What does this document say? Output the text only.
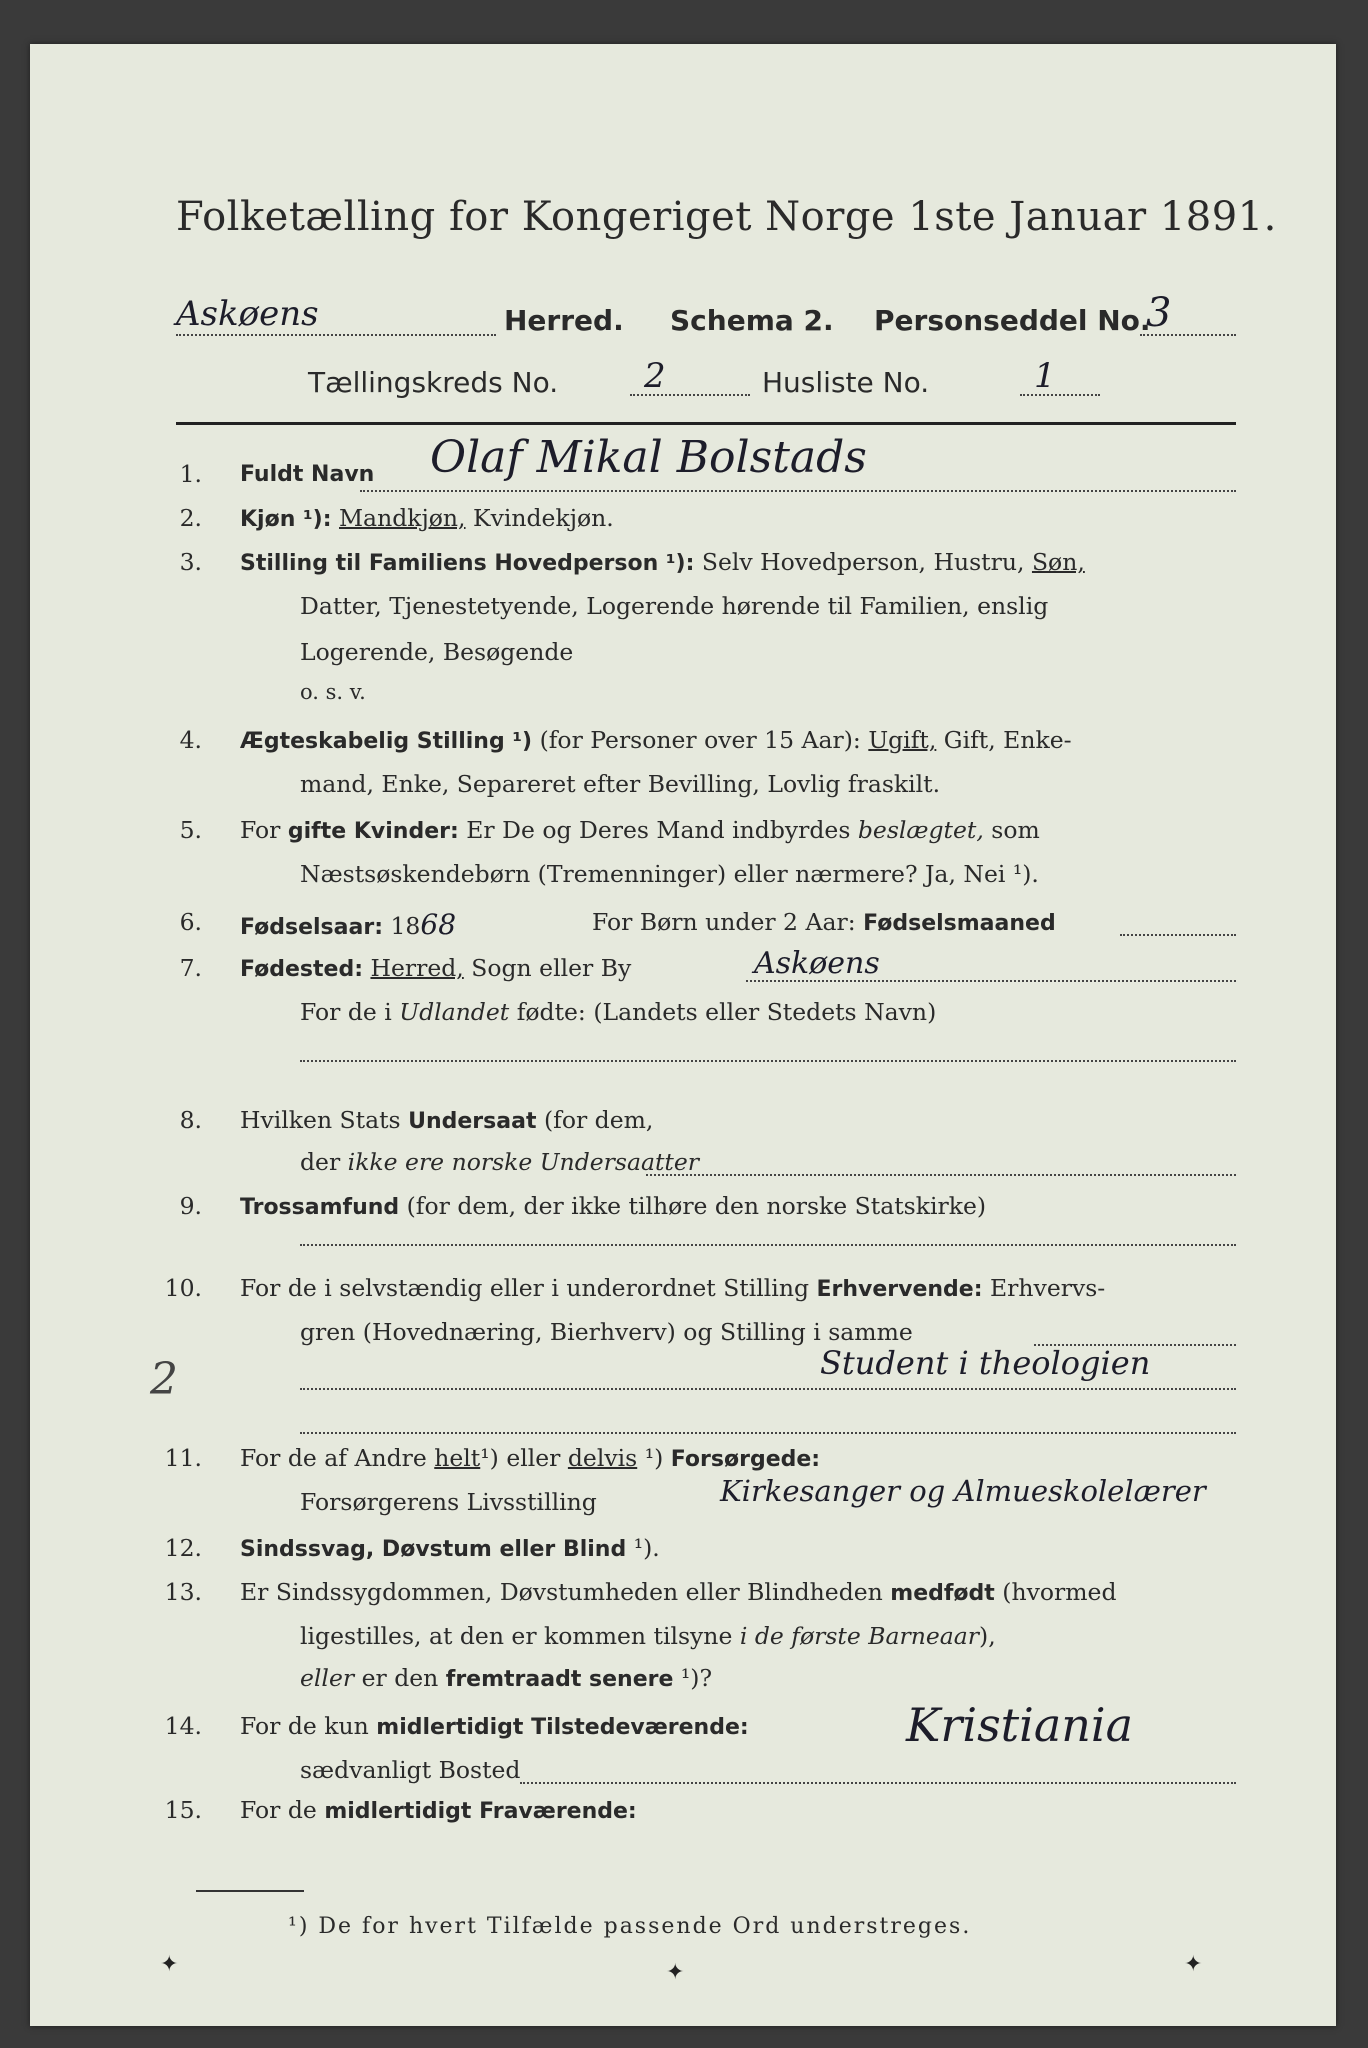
Folketælling for Kongeriget Norge 1ste Januar 1891.
Askøens	Herred. Schema 2. Personseddel No.
3
Tællingskreds No.	2	Husliste No.	1
1. Fuldt Navn Olaf Mikal Bolstads
2. Kjøn ¹): Mandkjøn, Kvindekjøn.
3. Stilling til Familiens Hovedperson ¹): Selv Hovedperson, Hustru, Søn,
Datter, Tjenestetyende, Logerende hørende til Familien, enslig
Logerende, Besøgende
o. s. v.
4. Ægteskabelig Stilling ¹) (for Personer over 15 Aar): Ugift, Gift, Enke-
mand, Enke, Separeret efter Bevilling, Lovlig fraskilt.
5. For gifte Kvinder: Er De og Deres Mand indbyrdes beslægtet, som
Næstsøskendebørn (Tremenninger) eller nærmere? Ja, Nei ¹).
6. Fødselsaar: 1868	For Børn under 2 Aar: Fødselsmaaned
7. Fødested: Herred, Sogn eller By	Askøens
For de i Udlandet fødte: (Landets eller Stedets Navn)
8. Hvilken Stats Undersaat (for dem,
der ikke ere norske Undersaatter
9. Trossamfund (for dem, der ikke tilhøre den norske Statskirke)
10. For de i selvstændig eller i underordnet Stilling Erhvervende: Erhvervs-
gren (Hovednæring, Bierhverv) og Stilling i samme
Student i theologien
2
11. For de af Andre helt¹) eller delvis ¹) Forsørgede:
Forsørgerens Livsstilling	Kirkesanger og Almueskolelærer
12. Sindssvag, Døvstum eller Blind ¹).
13. Er Sindssygdommen, Døvstumheden eller Blindheden medfødt (hvormed
ligestilles, at den er kommen tilsyne i de første Barneaar),
eller er den fremtraadt senere ¹)?
14. For de kun midlertidigt Tilstedeværende:
sædvanligt Bosted
Kristiania
15. For de midlertidigt Fraværende:
¹) De for hvert Tilfælde passende Ord understreges.
✦	✦	✦
